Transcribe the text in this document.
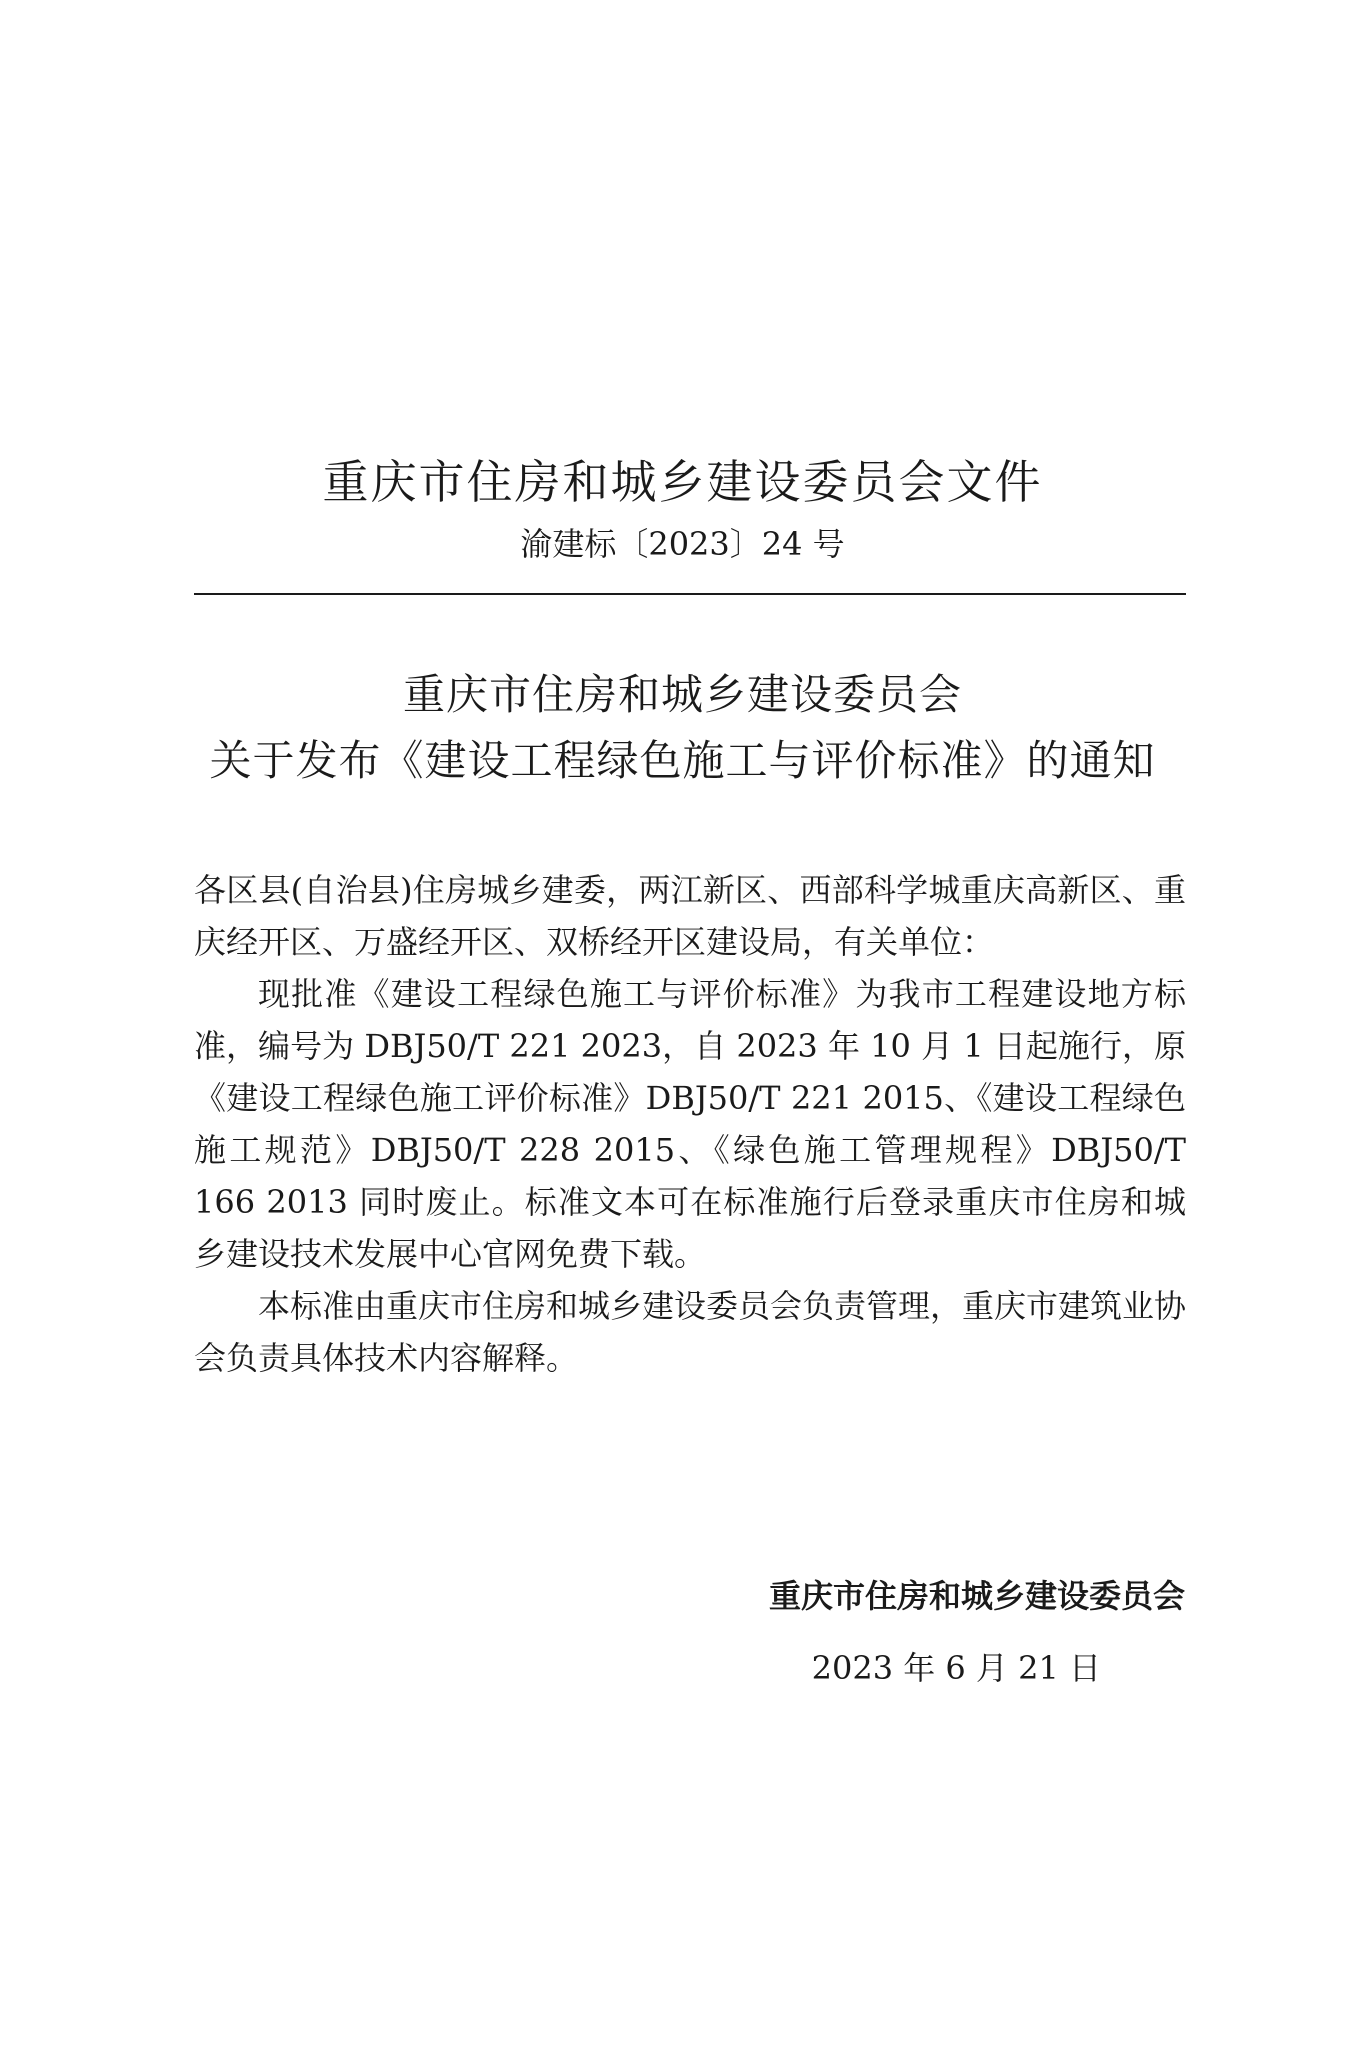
重庆市住房和城乡建设委员会文件
渝建标〔2023〕24 号
重庆市住房和城乡建设委员会
关于发布《建设工程绿色施工与评价标准》的通知

各区县(自治县)住房城乡建委，两江新区、西部科学城重庆高新区、重庆经开区、万盛经开区、双桥经开区建设局，有关单位：

现批准《建设工程绿色施工与评价标准》为我市工程建设地方标准，编号为 DBJ50/T 221 2023，自 2023 年 10 月 1 日起施行，原《建设工程绿色施工评价标准》DBJ50/T 221 2015、《建设工程绿色施工规范》DBJ50/T 228 2015、《绿色施工管理规程》DBJ50/T 166 2013 同时废止。标准文本可在标准施行后登录重庆市住房和城乡建设技术发展中心官网免费下载。

本标准由重庆市住房和城乡建设委员会负责管理，重庆市建筑业协会负责具体技术内容解释。

重庆市住房和城乡建设委员会
2023 年 6 月 21 日
